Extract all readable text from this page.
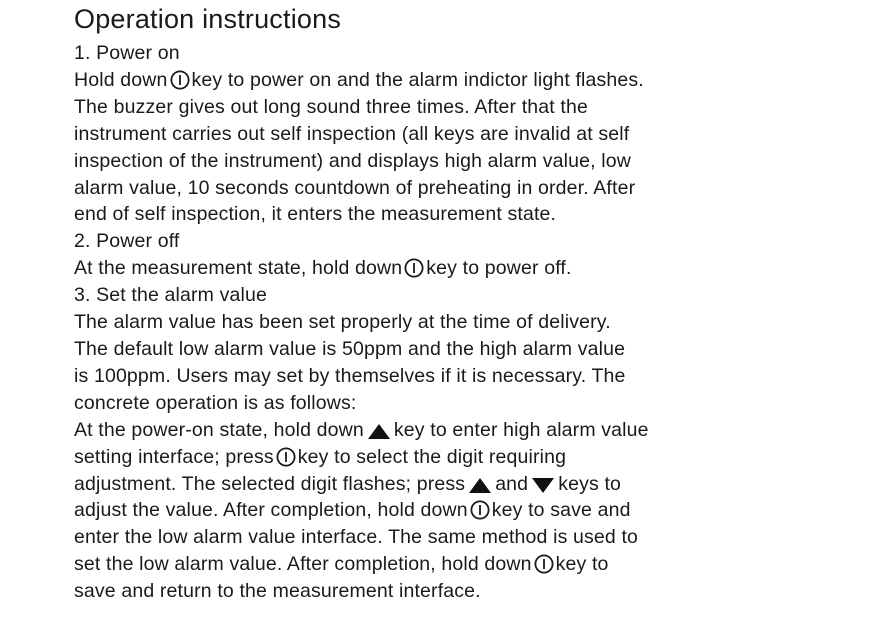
Operation instructions
1. Power on
Hold down key to power on and the alarm indictor light flashes.
The buzzer gives out long sound three times. After that the
instrument carries out self inspection (all keys are invalid at self
inspection of the instrument) and displays high alarm value, low
alarm value, 10 seconds countdown of preheating in order. After
end of self inspection, it enters the measurement state.
2. Power off
At the measurement state, hold down key to power off.
3. Set the alarm value
The alarm value has been set properly at the time of delivery.
The default low alarm value is 50ppm and the high alarm value
is 100ppm. Users may set by themselves if it is necessary. The
concrete operation is as follows:
At the power-on state, hold down key to enter high alarm value
setting interface; press key to select the digit requiring
adjustment. The selected digit flashes; press and keys to
adjust the value. After completion, hold down key to save and
enter the low alarm value interface. The same method is used to
set the low alarm value. After completion, hold down key to
save and return to the measurement interface.
